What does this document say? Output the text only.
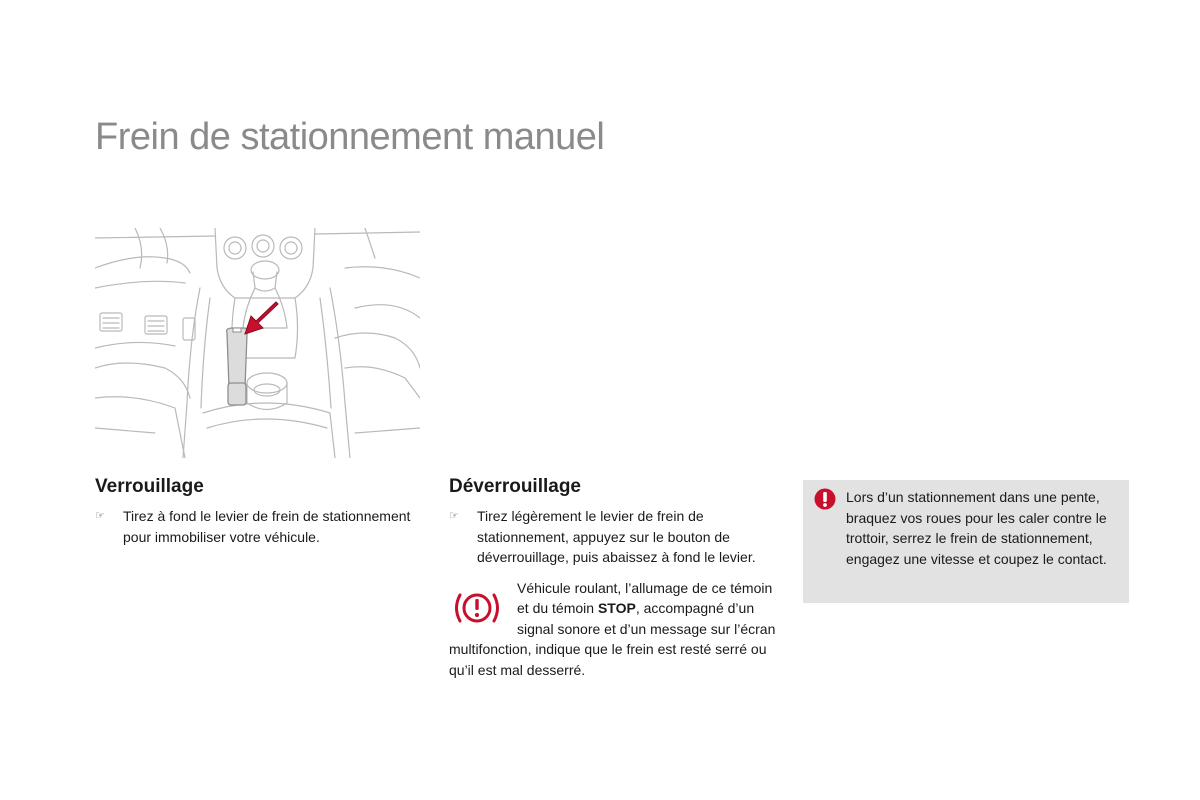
Frein de stationnement manuel
Verrouillage
☞ Tirez à fond le levier de frein de stationnement pour immobiliser votre véhicule.
Déverrouillage
☞ Tirez légèrement le levier de frein de stationnement, appuyez sur le bouton de déverrouillage, puis abaissez à fond le levier.
Véhicule roulant, l’allumage de ce témoin et du témoin STOP, accompagné d’un signal sonore et d’un message sur l’écran multifonction, indique que le frein est resté serré ou qu’il est mal desserré.
Lors d’un stationnement dans une pente, braquez vos roues pour les caler contre le trottoir, serrez le frein de stationnement, engagez une vitesse et coupez le contact.
